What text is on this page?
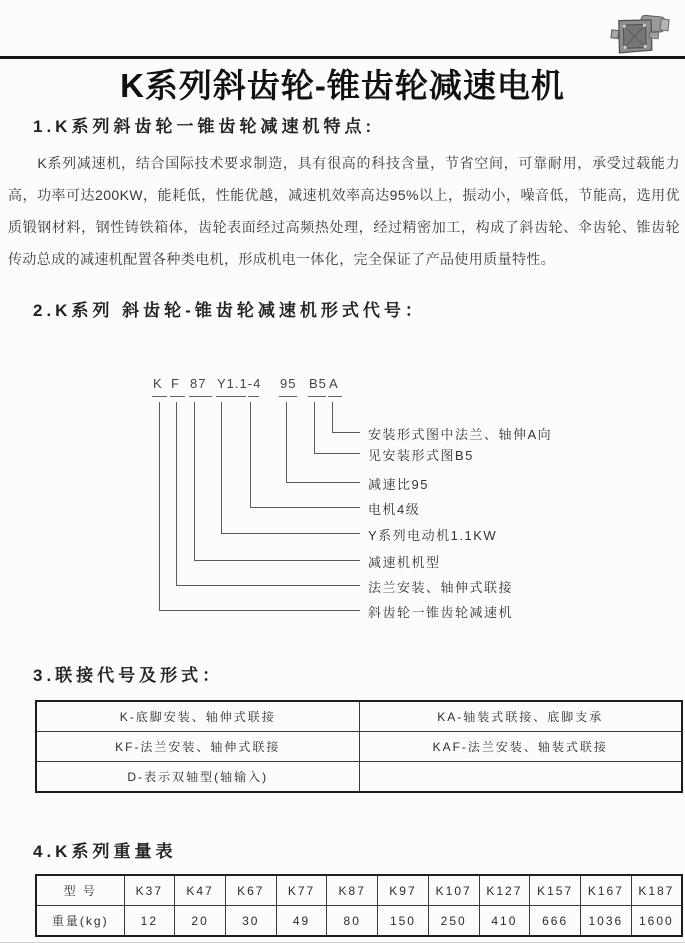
K系列斜齿轮-锥齿轮减速电机
1.K系列斜齿轮一锥齿轮减速机特点:
K系列减速机，结合国际技术要求制造，具有很高的科技含量，节省空间，可靠耐用，承受过载能力高，功率可达200KW，能耗低，性能优越，减速机效率高达95%以上，振动小，噪音低，节能高，选用优质锻钢材料，钢性铸铁箱体，齿轮表面经过高频热处理，经过精密加工，构成了斜齿轮、伞齿轮、锥齿轮传动总成的减速机配置各种类电机，形成机电一体化，完全保证了产品使用质量特性。
2.K系列 斜齿轮-锥齿轮减速机形式代号：
K F 87 Y1.1-4 95 B5 A
安装形式图中法兰、轴伸A向
见安装形式图B5
减速比95
电机4级
Y系列电动机1.1KW
减速机机型
法兰安装、轴伸式联接
斜齿轮一锥齿轮减速机
3.联接代号及形式：
K-底脚安装、轴伸式联接	KA-轴装式联接、底脚支承
KF-法兰安装、轴伸式联接	KAF-法兰安装、轴装式联接
D-表示双轴型(轴输入)	
4.K系列重量表
型 号	K37	K47	K67	K77	K87	K97	K107	K127	K157	K167	K187
重量(kg)	12	20	30	49	80	150	250	410	666	1036	1600
